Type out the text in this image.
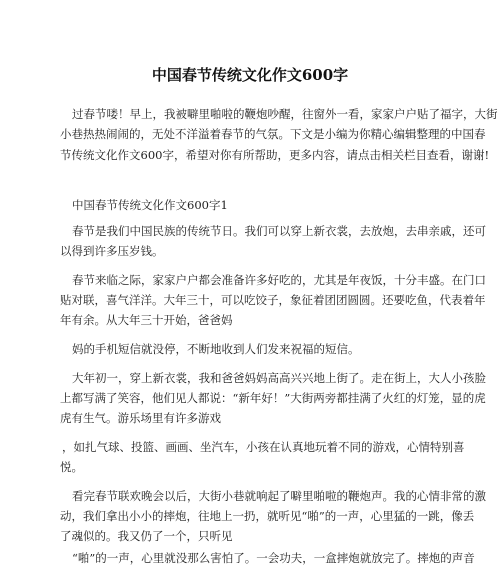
中国春节传统文化作文600字
过春节喽！早上，我被噼里啪啦的鞭炮吵醒，往窗外一看，家家户户贴了福字，大街
小巷热热闹闹的，无处不洋溢着春节的气氛。下文是小编为你精心编辑整理的中国春
节传统文化作文600字，希望对你有所帮助，更多内容，请点击相关栏目查看，谢谢!
中国春节传统文化作文600字1
春节是我们中国民族的传统节日。我们可以穿上新衣裳，去放炮，去串亲戚，还可
以得到许多压岁钱。
春节来临之际，家家户户都会准备许多好吃的，尤其是年夜饭，十分丰盛。在门口
贴对联，喜气洋洋。大年三十，可以吃饺子，象征着团团圆圆。还要吃鱼，代表着年
年有余。从大年三十开始，爸爸妈
妈的手机短信就没停，不断地收到人们发来祝福的短信。
大年初一，穿上新衣裳，我和爸爸妈妈高高兴兴地上街了。走在街上，大人小孩脸
上都写满了笑容，他们见人都说：“新年好！”大街两旁都挂满了火红的灯笼，显的虎
虎有生气。游乐场里有许多游戏
，如扎气球、投篮、画画、坐汽车，小孩在认真地玩着不同的游戏，心情特别喜
悦。
看完春节联欢晚会以后，大街小巷就响起了噼里啪啦的鞭炮声。我的心情非常的激
动，我们拿出小小的摔炮，往地上一扔，就听见“啪”的一声，心里猛的一跳，像丢
了魂似的。我又仍了一个，只听见
“啪”的一声，心里就没那么害怕了。一会功夫，一盒摔炮就放完了。摔炮的声音
